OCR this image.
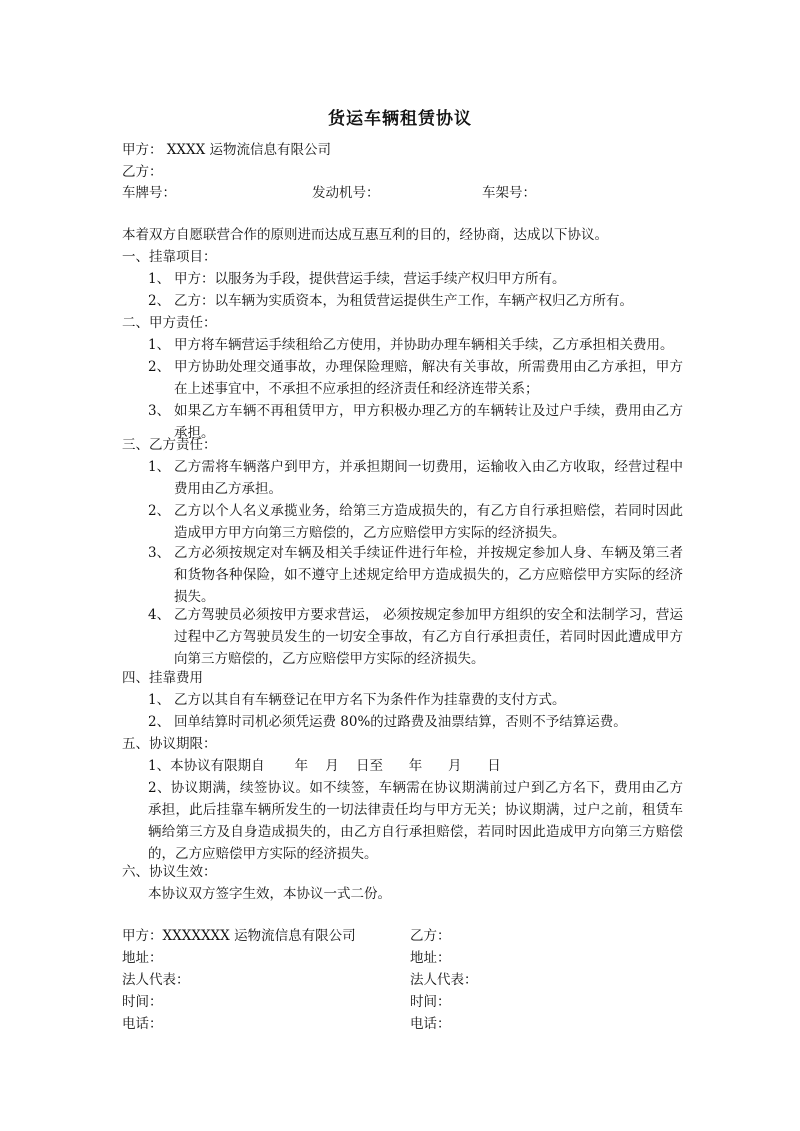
货运车辆租赁协议
甲方： XXXX 运物流信息有限公司
乙方：
车牌号：	发动机号：	车架号：
本着双方自愿联营合作的原则进而达成互惠互利的目的，经协商，达成以下协议。
一、挂靠项目：
1、 甲方：以服务为手段，提供营运手续，营运手续产权归甲方所有。
2、 乙方：以车辆为实质资本，为租赁营运提供生产工作，车辆产权归乙方所有。
二、甲方责任：
1、 甲方将车辆营运手续租给乙方使用，并协助办理车辆相关手续，乙方承担相关费用。
2、 甲方协助处理交通事故，办理保险理赔，解决有关事故，所需费用由乙方承担，甲方在上述事宜中，不承担不应承担的经济责任和经济连带关系；
3、 如果乙方车辆不再租赁甲方，甲方积极办理乙方的车辆转让及过户手续，费用由乙方承担。
三、乙方责任：
1、 乙方需将车辆落户到甲方，并承担期间一切费用，运输收入由乙方收取，经营过程中费用由乙方承担。
2、 乙方以个人名义承揽业务，给第三方造成损失的，有乙方自行承担赔偿，若同时因此造成甲方甲方向第三方赔偿的，乙方应赔偿甲方实际的经济损失。
3、 乙方必须按规定对车辆及相关手续证件进行年检，并按规定参加人身、车辆及第三者和货物各种保险，如不遵守上述规定给甲方造成损失的，乙方应赔偿甲方实际的经济损失。
4、 乙方驾驶员必须按甲方要求营运， 必须按规定参加甲方组织的安全和法制学习，营运过程中乙方驾驶员发生的一切安全事故，有乙方自行承担责任，若同时因此遭成甲方向第三方赔偿的，乙方应赔偿甲方实际的经济损失。
四、挂靠费用
1、 乙方以其自有车辆登记在甲方名下为条件作为挂靠费的支付方式。
2、 回单结算时司机必须凭运费 80%的过路费及油票结算，否则不予结算运费。
五、协议期限：
1、本协议有限期自       年    月    日至      年      月      日
2、协议期满，续签协议。如不续签，车辆需在协议期满前过户到乙方名下，费用由乙方承担，此后挂靠车辆所发生的一切法律责任均与甲方无关；协议期满，过户之前，租赁车辆给第三方及自身造成损失的，由乙方自行承担赔偿，若同时因此造成甲方向第三方赔偿的，乙方应赔偿甲方实际的经济损失。
六、协议生效：
本协议双方签字生效，本协议一式二份。
甲方：XXXXXXX 运物流信息有限公司	乙方：
地址：	地址：
法人代表：	法人代表：
时间：	时间：
电话：	电话：
